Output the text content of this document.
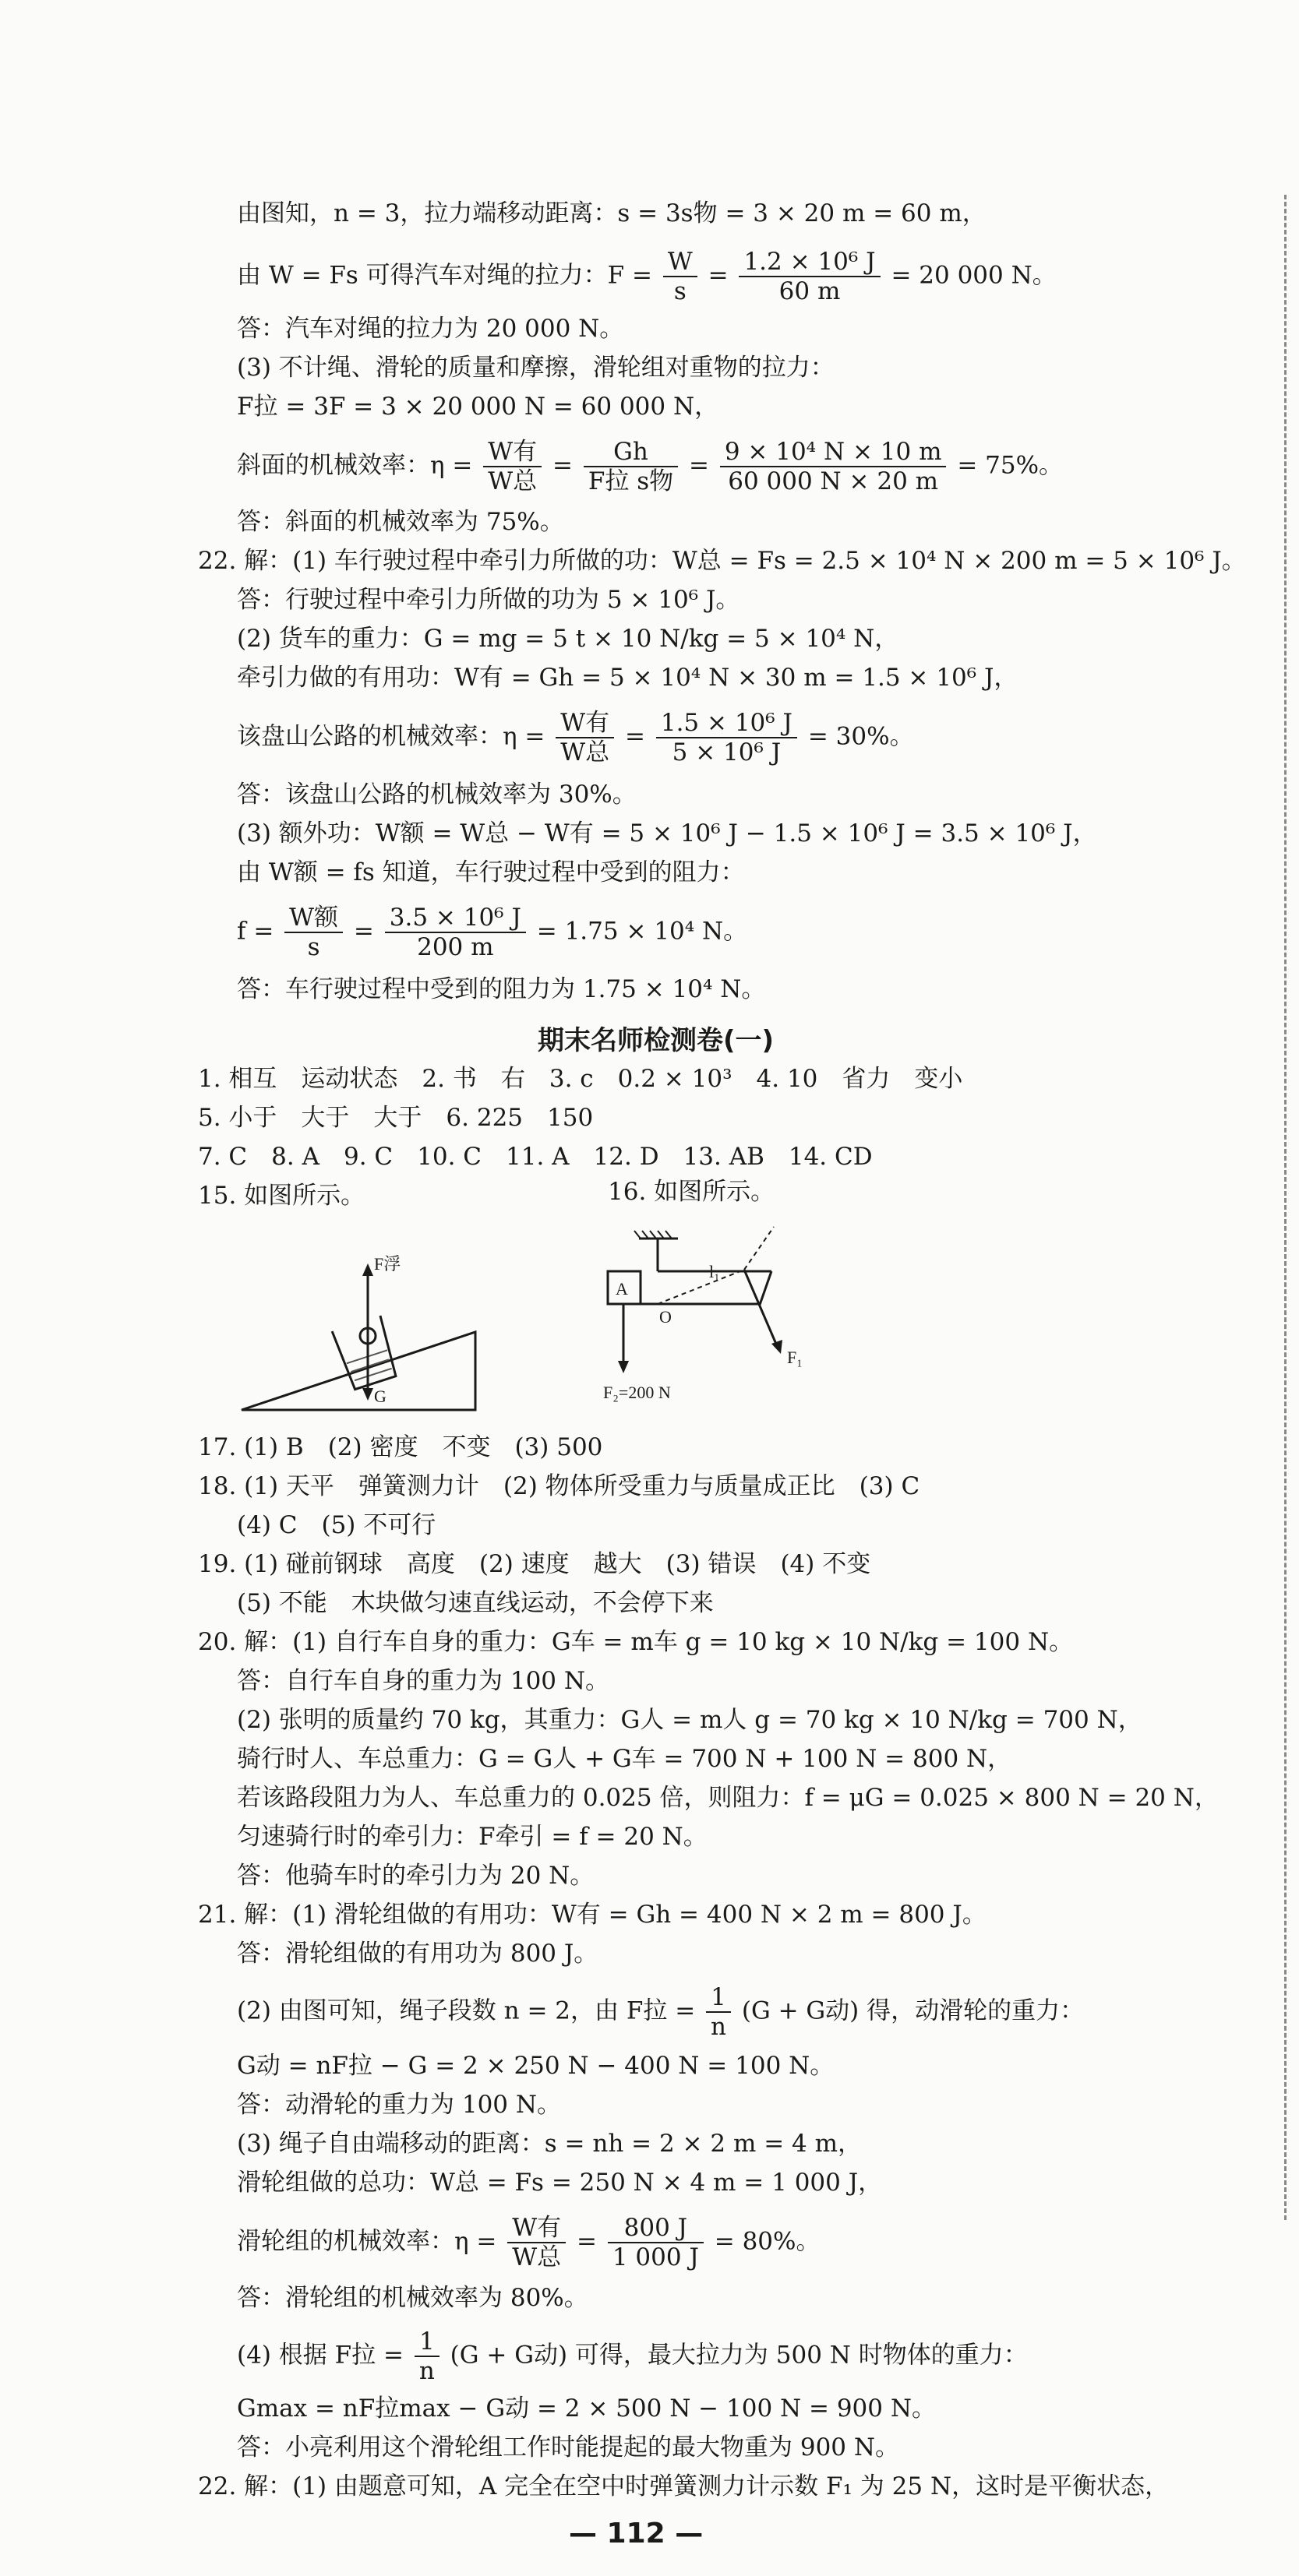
由图知，n = 3，拉力端移动距离：s = 3s物 = 3 × 20 m = 60 m，
由 W = Fs 可得汽车对绳的拉力：$F = \frac{W}{s} = \frac{\text{1.2 × 10⁶ J}}{60 m} = 20$ 000 N。
答：汽车对绳的拉力为 20 000 N。
(3) 不计绳、滑轮的质量和摩擦，滑轮组对重物的拉力：
F拉 = 3F = 3 × 20 000 N = 60 000 N，
斜面的机械效率：$\eta = \frac{\text{W有}}{\text{W总}} = \frac{Gh}{\text{F拉 s物}} = \frac{\text{9 × 10⁴ N × 10 m}}{60 000 N \times 20 m} = 75\%$。
答：斜面的机械效率为 75%。
22. 解：(1) 车行驶过程中牵引力所做的功：W总 = Fs = 2.5 × 10⁴ N × 200 m = 5 × 10⁶ J。
答：行驶过程中牵引力所做的功为 5 × 10⁶ J。
(2) 货车的重力：G = mg = 5 t × 10 N/kg = 5 × 10⁴ N，
牵引力做的有用功：W有 = Gh = 5 × 10⁴ N × 30 m = 1.5 × 10⁶ J，
该盘山公路的机械效率：$\eta = \frac{\text{W有}}{\text{W总}} = \frac{\text{1.5 × 10⁶ J}}{\text{5 × 10⁶ J}} = 30\%$。
答：该盘山公路的机械效率为 30%。
(3) 额外功：W额 = W总 − W有 = 5 × 10⁶ J − 1.5 × 10⁶ J = 3.5 × 10⁶ J，
由 W额 = fs 知道，车行驶过程中受到的阻力：
$f = \frac{\text{W额}}{s} = \frac{\text{3.5 × 10⁶ J}}{200 m} = 1.75 \times 10^4$ N。
答：车行驶过程中受到的阻力为 1.75 × 10⁴ N。
期末名师检测卷(一)
1. 相互　运动状态　2. 书　右　3. c　0.2 × 10³　4. 10　省力　变小
5. 小于　大于　大于　6. 225　150
7. C　8. A　9. C　10. C　11. A　12. D　13. AB　14. CD
15. 如图所示。	16. 如图所示。
F浮
G
A
O
l₁
F₁
F₂=200 N
17. (1) B　(2) 密度　不变　(3) 500
18. (1) 天平　弹簧测力计　(2) 物体所受重力与质量成正比　(3) C
(4) C　(5) 不可行
19. (1) 碰前钢球　高度　(2) 速度　越大　(3) 错误　(4) 不变
(5) 不能　木块做匀速直线运动，不会停下来
20. 解：(1) 自行车自身的重力：G车 = m车 g = 10 kg × 10 N/kg = 100 N。
答：自行车自身的重力为 100 N。
(2) 张明的质量约 70 kg，其重力：G人 = m人 g = 70 kg × 10 N/kg = 700 N，
骑行时人、车总重力：G = G人 + G车 = 700 N + 100 N = 800 N，
若该路段阻力为人、车总重力的 0.025 倍，则阻力：f = μG = 0.025 × 800 N = 20 N，
匀速骑行时的牵引力：F牵引 = f = 20 N。
答：他骑车时的牵引力为 20 N。
21. 解：(1) 滑轮组做的有用功：W有 = Gh = 400 N × 2 m = 800 J。
答：滑轮组做的有用功为 800 J。
(2) 由图可知，绳子段数 n = 2，由 F拉 = $\frac{1}{n} (G + G$动) 得，动滑轮的重力：
G动 = nF拉 − G = 2 × 250 N − 400 N = 100 N。
答：动滑轮的重力为 100 N。
(3) 绳子自由端移动的距离：s = nh = 2 × 2 m = 4 m，
滑轮组做的总功：W总 = Fs = 250 N × 4 m = 1 000 J，
滑轮组的机械效率：$\eta = \frac{\text{W有}}{\text{W总}} = \frac{800 J}{1 000 J} = 80\%$。
答：滑轮组的机械效率为 80%。
(4) 根据 F拉 = $\frac{1}{n} (G + G$动) 可得，最大拉力为 500 N 时物体的重力：
Gmax = nF拉max − G动 = 2 × 500 N − 100 N = 900 N。
答：小亮利用这个滑轮组工作时能提起的最大物重为 900 N。
22. 解：(1) 由题意可知，A 完全在空中时弹簧测力计示数 F₁ 为 25 N，这时是平衡状态，
— 112 —
